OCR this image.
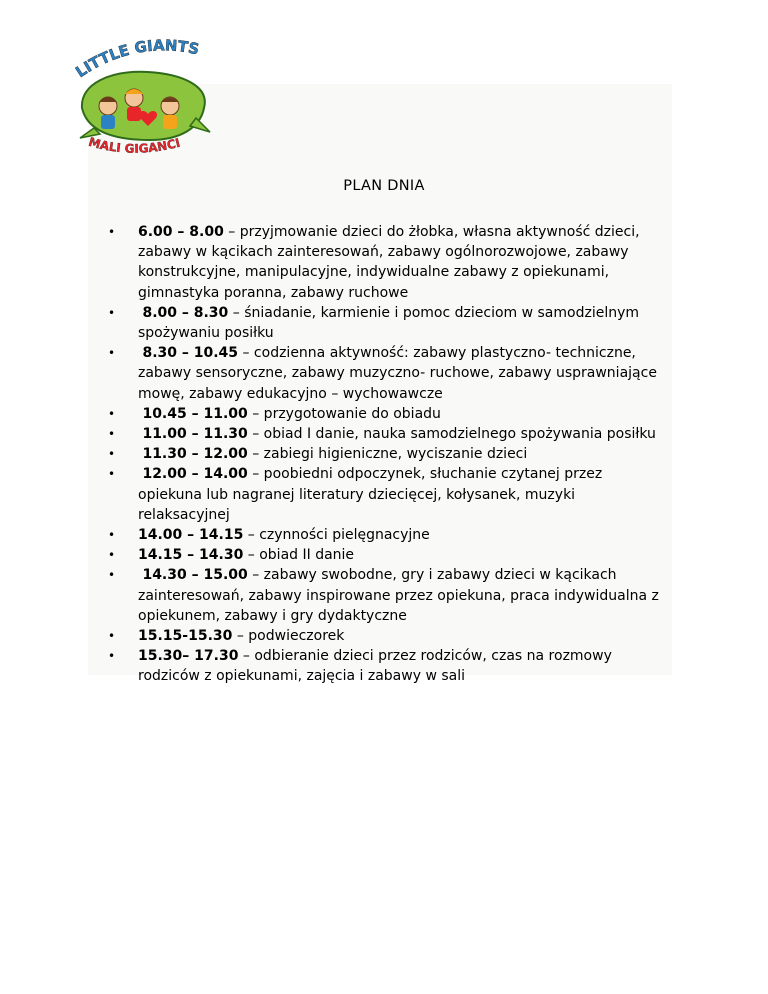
LITTLE GIANTS
MALI GIGANCI
PLAN DNIA
• 6.00 – 8.00 – przyjmowanie dzieci do żłobka, własna aktywność dzieci, zabawy w kącikach zainteresowań, zabawy ogólnorozwojowe, zabawy konstrukcyjne, manipulacyjne, indywidualne zabawy z opiekunami, gimnastyka poranna, zabawy ruchowe
• 8.00 – 8.30 – śniadanie, karmienie i pomoc dzieciom w samodzielnym spożywaniu posiłku
• 8.30 – 10.45 – codzienna aktywność: zabawy plastyczno- techniczne, zabawy sensoryczne, zabawy muzyczno- ruchowe, zabawy usprawniające mowę, zabawy edukacyjno – wychowawcze
• 10.45 – 11.00 – przygotowanie do obiadu
• 11.00 – 11.30 – obiad I danie, nauka samodzielnego spożywania posiłku
• 11.30 – 12.00 – zabiegi higieniczne, wyciszanie dzieci
• 12.00 – 14.00 – poobiedni odpoczynek, słuchanie czytanej przez opiekuna lub nagranej literatury dziecięcej, kołysanek, muzyki relaksacyjnej
• 14.00 – 14.15 – czynności pielęgnacyjne
• 14.15 – 14.30 – obiad II danie
• 14.30 – 15.00 – zabawy swobodne, gry i zabawy dzieci w kącikach zainteresowań, zabawy inspirowane przez opiekuna, praca indywidualna z opiekunem, zabawy i gry dydaktyczne
• 15.15-15.30 – podwieczorek
• 15.30– 17.30 – odbieranie dzieci przez rodziców, czas na rozmowy rodziców z opiekunami, zajęcia i zabawy w sali
